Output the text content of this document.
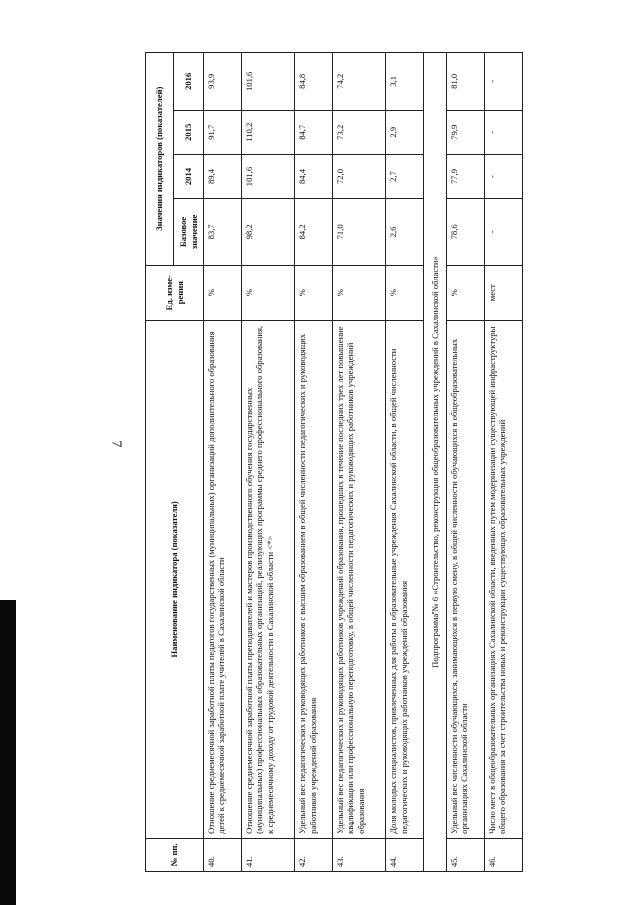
7
№ пп.	Наименование индикатора (показателя)	Ед. изме-рения	Значения индикаторов (показателей)			
			Базовое значение	2014	2015	2016
40.	Отношение среднемесячной заработной платы педагогов государственных (муниципальных) организаций дополнительного образования детей к среднемесячной заработной плате учителей в Сахалинской области	%	83,7	89,4	91,7	93,9
41.	Отношение среднемесячной заработной платы преподавателей и мастеров производственного обучения государственных (муниципальных) профессиональных образовательных организаций, реализующих программы среднего профессионального образования, к среднемесячному доходу от трудовой деятельности в Сахалинской области <*>	%	98,2	101,6	110,2	101,6
42.	Удельный вес педагогических и руководящих работников с высшим образованием в общей численности педагогических и руководящих работников учреждений образования	%	84,2	84,4	84,7	84,8
43.	Удельный вес педагогических и руководящих работников учреждений образования, прошедших в течение последних трех лет повышение квалификации или профессиональную переподготовку, в общей численности педагогических и руководящих работников учреждений образования	%	71,0	72,0	73,2	74,2
44.	Доля молодых специалистов, привлеченных для работы в образовательные учреждения Сахалинской области, в общей численности педагогических и руководящих работников учреждений образования	%	2,6	2,7	2,9	3,1
Подпрограмма № 6 «Строительство, реконструкция общеобразовательных учреждений в Сахалинской области»						
45.	Удельный вес численности обучающихся, занимающихся в первую смену, в общей численности обучающихся в общеобразовательных организациях Сахалинской области	%	78,6	77,9	79,9	81,0
46.	Число мест в общеобразовательных организациях Сахалинской области, введенных путем модернизации существующей инфраструктуры общего образования за счет строительства новых и реконструкции существующих образовательных учреждений	мест	-	-	-	-
